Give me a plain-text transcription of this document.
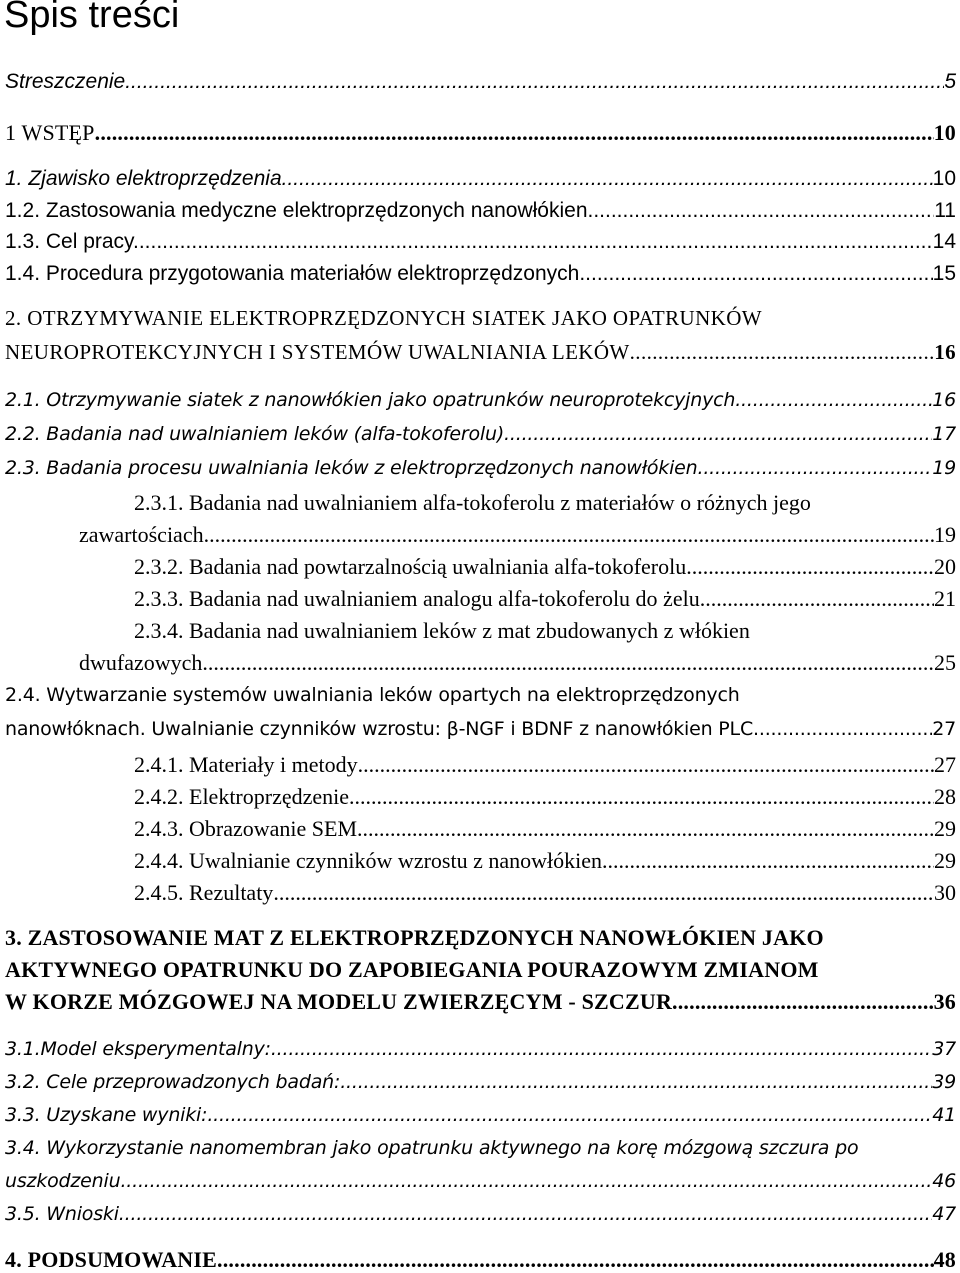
Spis treści
Streszczenie .....	5
1 WSTĘP .....	10
1. Zjawisko elektroprzędzenia. .....	10
1.2. Zastosowania medyczne elektroprzędzonych nanowłókien. .....	11
1.3. Cel pracy. .....	14
1.4. Procedura przygotowania materiałów elektroprzędzonych .....	15
2. OTRZYMYWANIE ELEKTROPRZĘDZONYCH SIATEK JAKO OPATRUNKÓW
NEUROPROTEKCYJNYCH I SYSTEMÓW UWALNIANIA LEKÓW .....	16
2.1. Otrzymywanie siatek z nanowłókien jako opatrunków neuroprotekcyjnych .....	16
2.2. Badania nad uwalnianiem leków (alfa-tokoferolu) .....	17
2.3. Badania procesu uwalniania leków z elektroprzędzonych nanowłókien. .....	19
2.3.1. Badania nad uwalnianiem alfa-tokoferolu z materiałów o różnych jego
zawartościach .....	19
2.3.2. Badania nad powtarzalnością uwalniania alfa-tokoferolu. .....	20
2.3.3. Badania nad uwalnianiem analogu alfa-tokoferolu do żelu .....	21
2.3.4. Badania nad uwalnianiem leków z mat zbudowanych z włókien
dwufazowych .....	25
2.4. Wytwarzanie systemów uwalniania leków opartych na elektroprzędzonych
nanowłóknach. Uwalnianie czynników wzrostu: β-NGF i BDNF z nanowłókien PLC .....	27
2.4.1. Materiały i metody .....	27
2.4.2. Elektroprzędzenie .....	28
2.4.3. Obrazowanie SEM .....	29
2.4.4. Uwalnianie czynników wzrostu z nanowłókien .....	29
2.4.5. Rezultaty .....	30
3. ZASTOSOWANIE MAT Z ELEKTROPRZĘDZONYCH NANOWŁÓKIEN JAKO
AKTYWNEGO OPATRUNKU DO ZAPOBIEGANIA POURAZOWYM ZMIANOM
W KORZE MÓZGOWEJ NA MODELU ZWIERZĘCYM - SZCZUR .....	36
3.1.Model eksperymentalny: .....	37
3.2. Cele przeprowadzonych badań: .....	39
3.3. Uzyskane wyniki: .....	41
3.4. Wykorzystanie nanomembran jako opatrunku aktywnego na korę mózgową szczura po
uszkodzeniu .....	46
3.5. Wnioski. .....	47
4. PODSUMOWANIE .....	48
